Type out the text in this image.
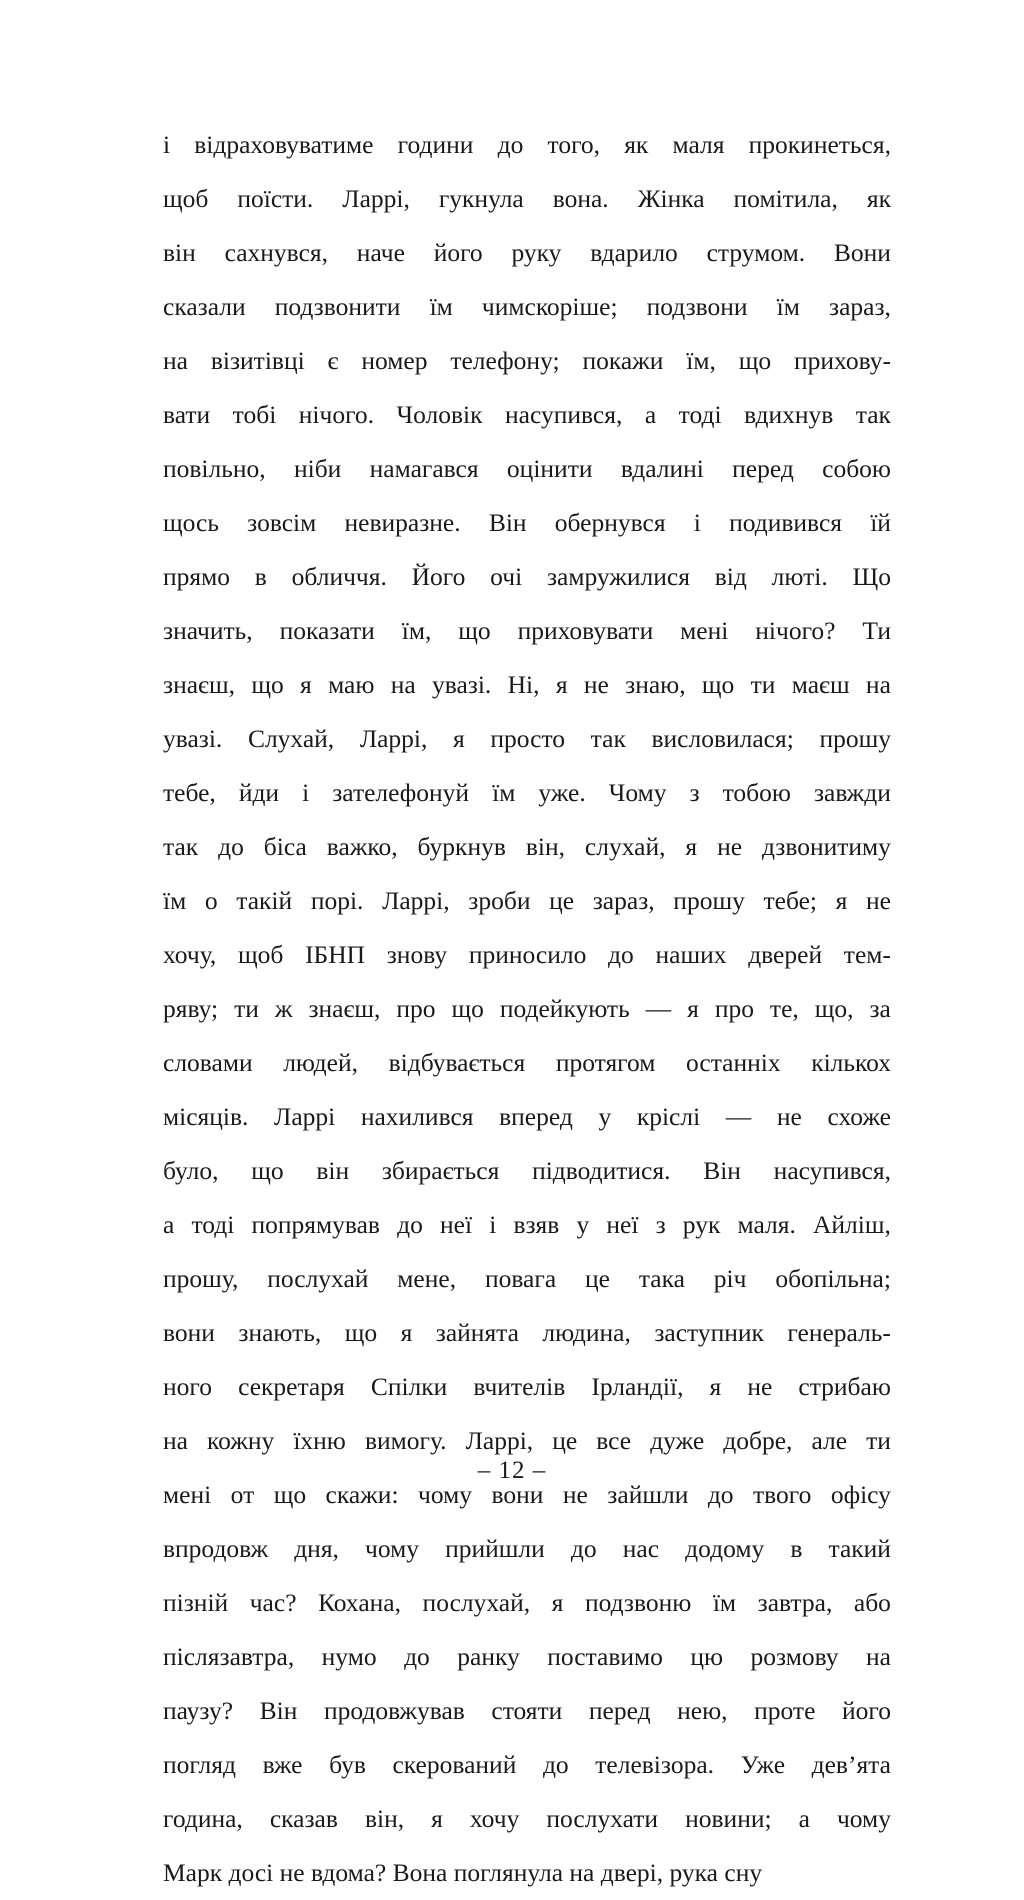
і відраховуватиме години до того, як маля прокинеться,
щоб поїсти. Ларрі, гукнула вона. Жінка помітила, як
він сахнувся, наче його руку вдарило струмом. Вони
сказали подзвонити їм чимскоріше; подзвони їм зараз,
на візитівці є номер телефону; покажи їм, що прихову-
вати тобі нічого. Чоловік насупився, а тоді вдихнув так
повільно, ніби намагався оцінити вдалині перед собою
щось зовсім невиразне. Він обернувся і подивився їй
прямо в обличчя. Його очі замружилися від люті. Що
значить, показати їм, що приховувати мені нічого? Ти
знаєш, що я маю на увазі. Ні, я не знаю, що ти маєш на
увазі. Слухай, Ларрі, я просто так висловилася; прошу
тебе, йди і зателефонуй їм уже. Чому з тобою завжди
так до біса важко, буркнув він, слухай, я не дзвонитиму
їм о такій порі. Ларрі, зроби це зараз, прошу тебе; я не
хочу, щоб ІБНП знову приносило до наших дверей тем-
ряву; ти ж знаєш, про що подейкують — я про те, що, за
словами людей, відбувається протягом останніх кількох
місяців. Ларрі нахилився вперед у кріслі — не схоже
було, що він збирається підводитися. Він насупився,
а тоді попрямував до неї і взяв у неї з рук маля. Айліш,
прошу, послухай мене, повага це така річ обопільна;
вони знають, що я зайнята людина, заступник генераль-
ного секретаря Спілки вчителів Ірландії, я не стрибаю
на кожну їхню вимогу. Ларрі, це все дуже добре, але ти
мені от що скажи: чому вони не зайшли до твого офісу
впродовж дня, чому прийшли до нас додому в такий
пізній час? Кохана, послухай, я подзвоню їм завтра, або
післязавтра, нумо до ранку поставимо цю розмову на
паузу? Він продовжував стояти перед нею, проте його
погляд вже був скерований до телевізора. Уже дев’ята
година, сказав він, я хочу послухати новини; а чому
Марк досі не вдома? Вона поглянула на двері, рука сну
– 12 –
